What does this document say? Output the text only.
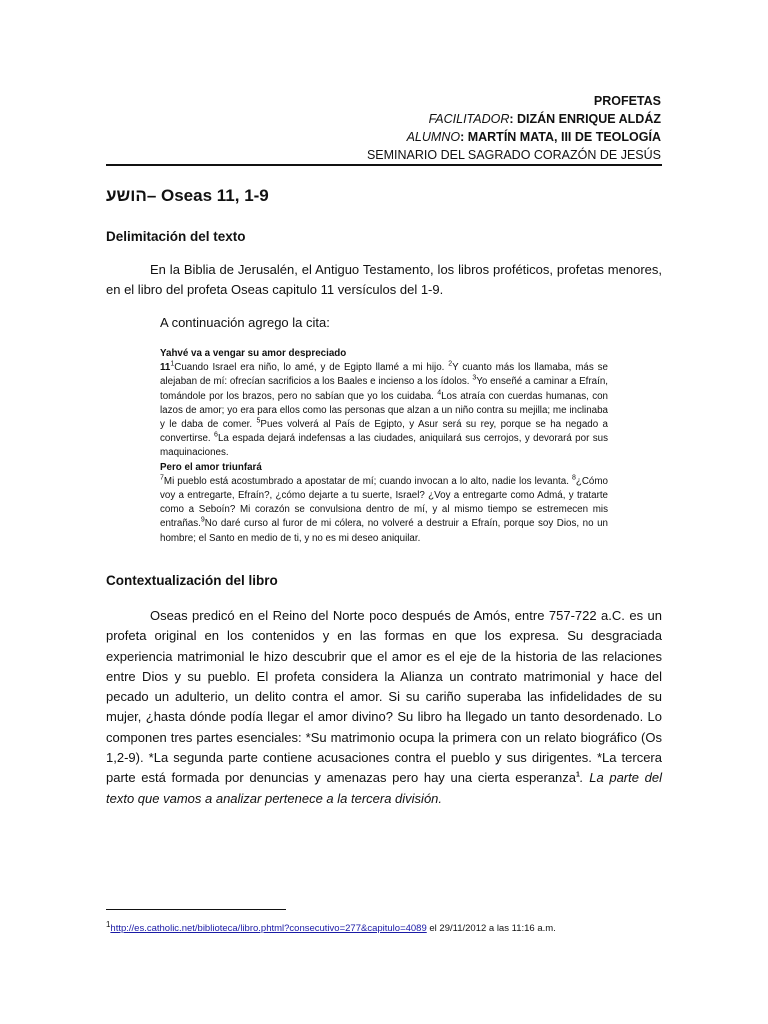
PROFETAS
FACILITADOR: DIZÁN ENRIQUE ALDÁZ
ALUMNO: MARTÍN MATA, III DE TEOLOGÍA
SEMINARIO DEL SAGRADO CORAZÓN DE JESÚS
הושע– Oseas 11, 1-9
Delimitación del texto
En la Biblia de Jerusalén, el Antiguo Testamento, los libros proféticos, profetas menores, en el libro del profeta Oseas capitulo 11 versículos del 1-9.
A continuación agrego la cita:
Yahvé va a vengar su amor despreciado
$11^1Cuando$ Israel era niño, lo amé, y de Egipto llamé a mi hijo. $^2$Y cuanto más los llamaba, más se alejaban de mí: ofrecían sacrificios a los Baales e incienso a los ídolos. $^3$Yo enseñé a caminar a Efraín, tomándole por los brazos, pero no sabían que yo los cuidaba. $^4$Los atraía con cuerdas humanas, con lazos de amor; yo era para ellos como las personas que alzan a un niño contra su mejilla; me inclinaba y le daba de comer. $^5$Pues volverá al País de Egipto, y Asur será su rey, porque se ha negado a convertirse. $^6$La espada dejará indefensas a las ciudades, aniquilará sus cerrojos, y devorará por sus maquinaciones.
Pero el amor triunfará
$^7$Mi pueblo está acostumbrado a apostatar de mí; cuando invocan a lo alto, nadie los levanta. $^8$¿Cómo voy a entregarte, Efraín?, ¿cómo dejarte a tu suerte, Israel? ¿Voy a entregarte como Admá, y tratarte como a Seboín? Mi corazón se convulsiona dentro de mí, y al mismo tiempo se estremecen mis entrañas.$^9$No daré curso al furor de mi cólera, no volveré a destruir a Efraín, porque soy Dios, no un hombre; el Santo en medio de ti, y no es mi deseo aniquilar.
Contextualización del libro
Oseas predicó en el Reino del Norte poco después de Amós, entre 757-722 a.C. es un profeta original en los contenidos y en las formas en que los expresa. Su desgraciada experiencia matrimonial le hizo descubrir que el amor es el eje de la historia de las relaciones entre Dios y su pueblo. El profeta considera la Alianza un contrato matrimonial y hace del pecado un adulterio, un delito contra el amor. Si su cariño superaba las infidelidades de su mujer, ¿hasta dónde podía llegar el amor divino? Su libro ha llegado un tanto desordenado. Lo componen tres partes esenciales: *Su matrimonio ocupa la primera con un relato biográfico (Os 1,2-9). *La segunda parte contiene acusaciones contra el pueblo y sus dirigentes. *La tercera parte está formada por denuncias y amenazas pero hay una cierta esperanza$^1$. La parte del texto que vamos a analizar pertenece a la tercera división.
$^1$http://es.catholic.net/biblioteca/libro.phtml?consecutivo=277&capitulo=4089 el 29/11/2012 a las 11:16 a.m.
